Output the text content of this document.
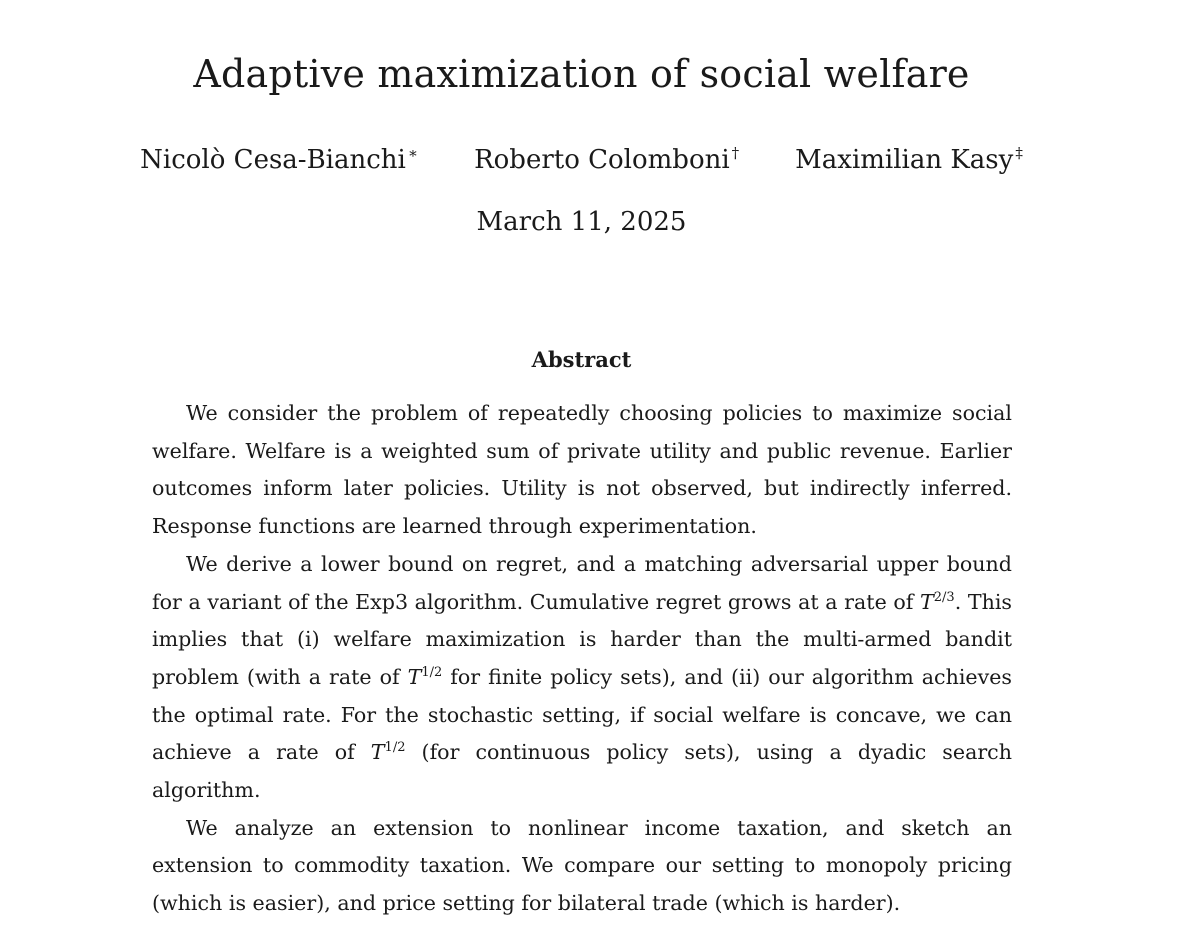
Adaptive maximization of social welfare
Nicolò Cesa-Bianchi ∗ Roberto Colomboni † Maximilian Kasy ‡
March 11, 2025
Abstract

We consider the problem of repeatedly choosing policies to maximize social welfare. Welfare is a weighted sum of private utility and public revenue. Earlier outcomes inform later policies. Utility is not observed, but indirectly inferred. Response functions are learned through experimentation.

We derive a lower bound on regret, and a matching adversarial upper bound for a variant of the Exp3 algorithm. Cumulative regret grows at a rate of $T^{2/3}$. This implies that (i) welfare maximization is harder than the multi-armed bandit problem (with a rate of $T^{1/2}$ for finite policy sets), and (ii) our algorithm achieves the optimal rate. For the stochastic setting, if social welfare is concave, we can achieve a rate of $T^{1/2}$ (for continuous policy sets), using a dyadic search algorithm.

We analyze an extension to nonlinear income taxation, and sketch an extension to commodity taxation. We compare our setting to monopoly pricing (which is easier), and price setting for bilateral trade (which is harder).
